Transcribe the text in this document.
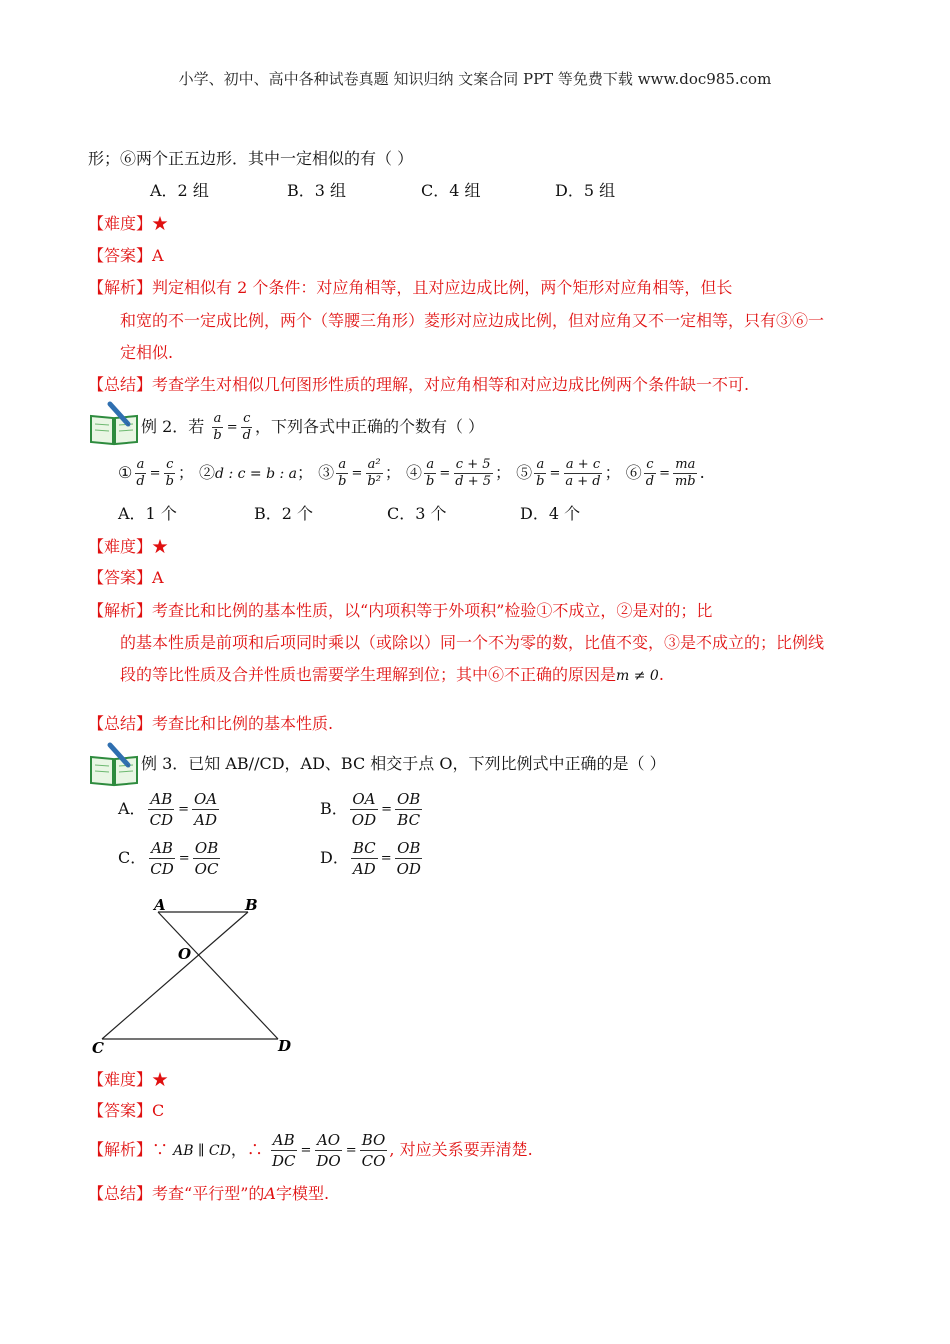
小学、初中、高中各种试卷真题 知识归纳 文案合同 PPT 等免费下载 www.doc985.com
形；⑥两个正五边形．其中一定相似的有（ ）
A．2 组	B．3 组	C．4 组	D．5 组
【难度】★
【答案】A
【解析】判定相似有 2 个条件：对应角相等，且对应边成比例，两个矩形对应角相等，但长
和宽的不一定成比例，两个（等腰三角形）菱形对应边成比例，但对应角又不一定相等，只有③⑥一
定相似.
【总结】考查学生对相似几何图形性质的理解，对应角相等和对应边成比例两个条件缺一不可.
例 2．若 $\frac{a}{b} = \frac{c}{d}$ ，下列各式中正确的个数有（ ）
① $\frac{a}{d} = \frac{c}{b}$ ； ②d : c = b : a； ③ $\frac{a}{b} = \frac{\text{a²}}{\text{b²}}$ ； ④ $\frac{a}{b} = \frac{c + 5}{d + 5}$ ； ⑤ $\frac{a}{b} = \frac{a + c}{a + d}$ ； ⑥ $\frac{c}{d} = \frac{ma}{mb}$ .
A．1 个	B．2 个	C．3 个	D．4 个
【难度】★
【答案】A
【解析】考查比和比例的基本性质，以“内项积等于外项积”检验①不成立，②是对的；比
的基本性质是前项和后项同时乘以（或除以）同一个不为零的数，比值不变，③是不成立的；比例线
段的等比性质及合并性质也需要学生理解到位；其中⑥不正确的原因是m ≠ 0.
【总结】考查比和比例的基本性质.
例 3．已知 AB//CD，AD、BC 相交于点 O，下列比例式中正确的是（ ）
A． $\frac{AB}{CD} = \frac{OA}{AD}$	B． $\frac{OA}{OD} = \frac{OB}{BC}$
C． $\frac{AB}{CD} = \frac{OB}{OC}$	D． $\frac{BC}{AD} = \frac{OB}{OD}$
A	B
O
C	D
【难度】★
【答案】C
【解析】∵ AB ∥ CD，∴ $\frac{AB}{DC} = \frac{AO}{DO} = \frac{BO}{CO}$ , 对应关系要弄清楚.
【总结】考查“平行型”的A字模型.
